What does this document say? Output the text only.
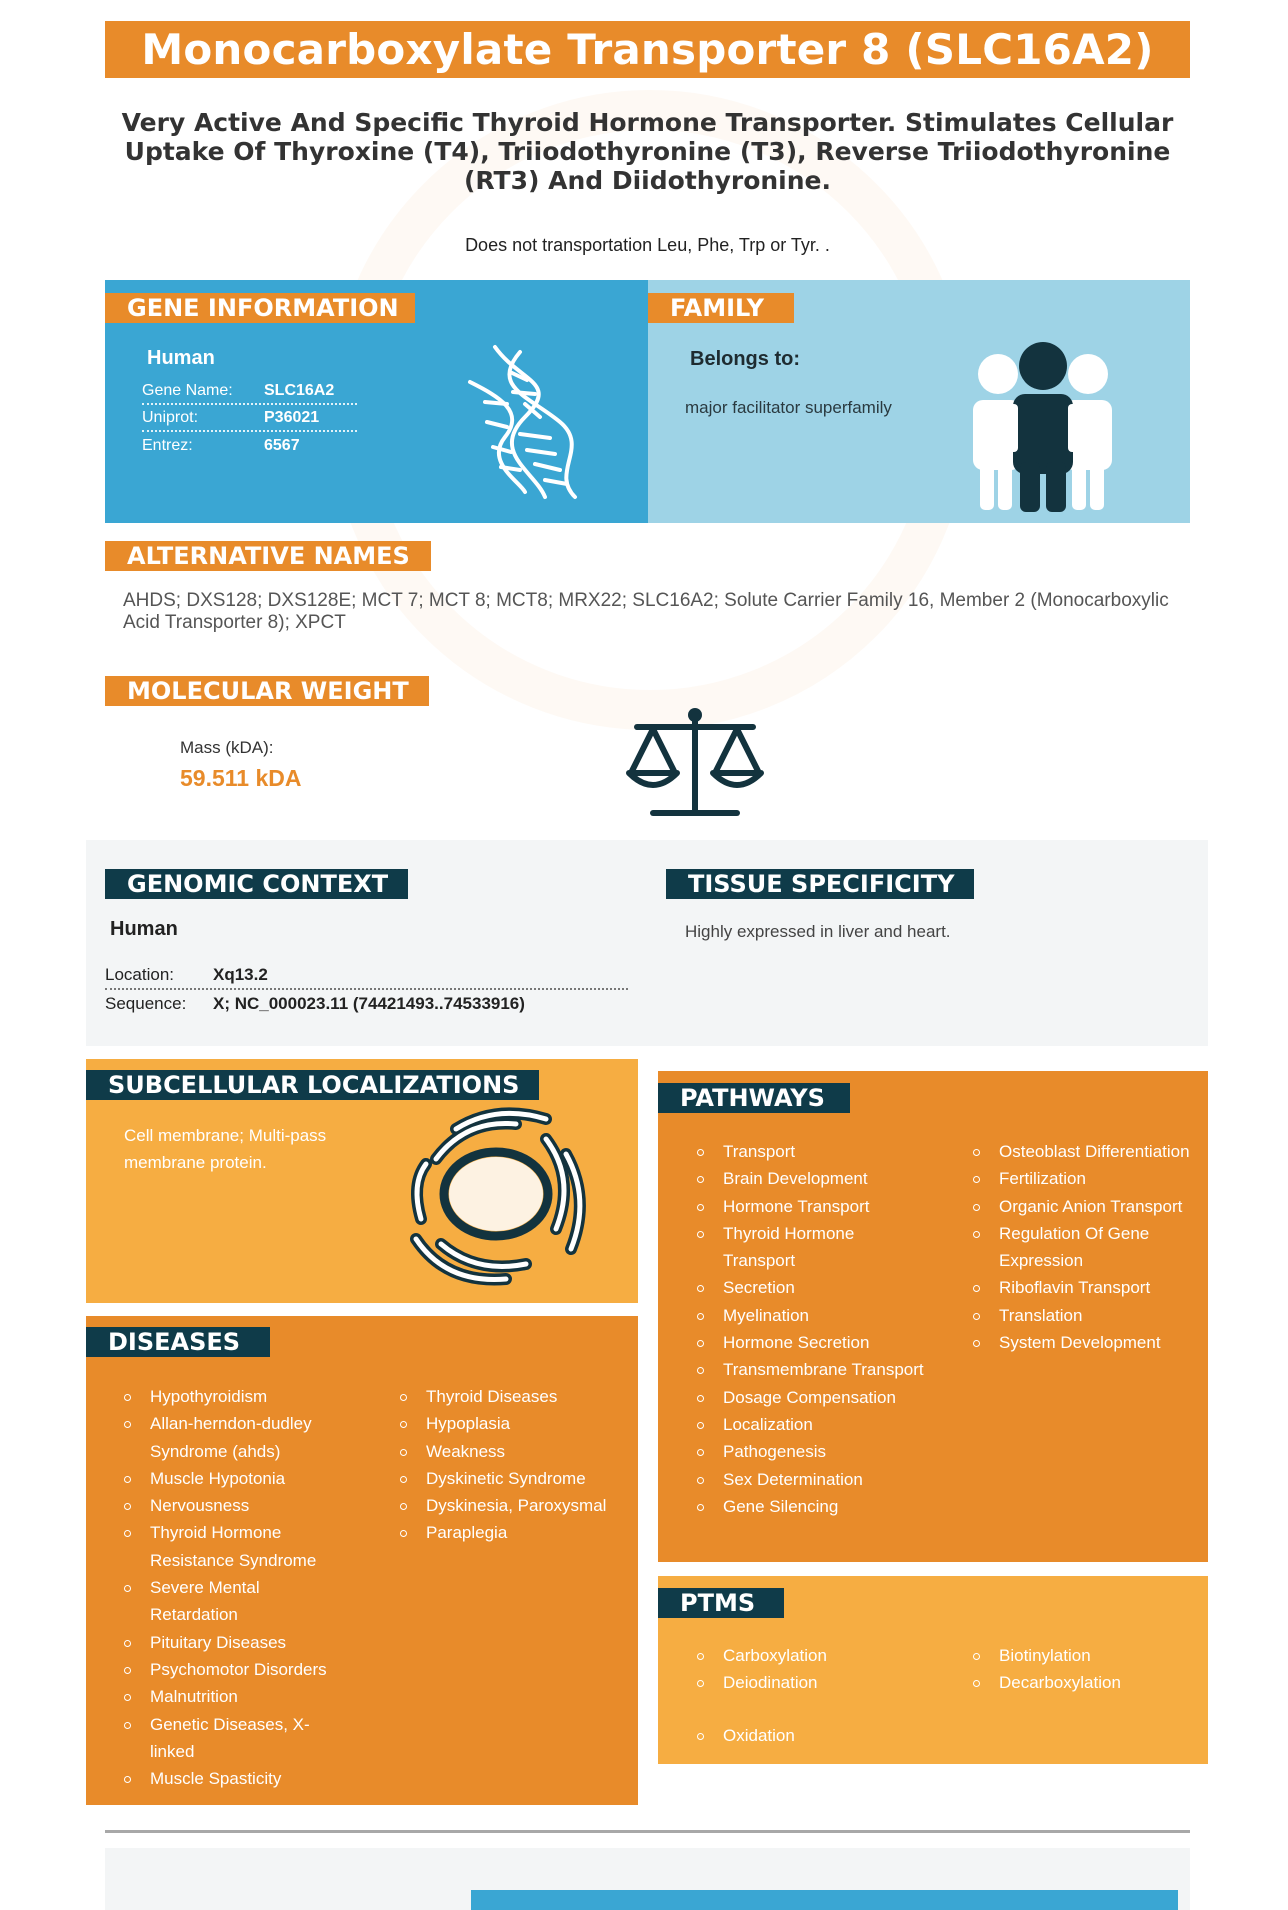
Monocarboxylate Transporter 8 (SLC16A2)
Very Active And Specific Thyroid Hormone Transporter. Stimulates Cellular Uptake Of Thyroxine (T4), Triiodothyronine (T3), Reverse Triiodothyronine (RT3) And Diidothyronine.
Does not transportation Leu, Phe, Trp or Tyr. .
GENE INFORMATION
Human
Gene Name:	SLC16A2
Uniprot:	P36021
Entrez:	6567
FAMILY
Belongs to:
major facilitator superfamily
ALTERNATIVE NAMES
AHDS; DXS128; DXS128E; MCT 7; MCT 8; MCT8; MRX22; SLC16A2; Solute Carrier Family 16, Member 2 (Monocarboxylic Acid Transporter 8); XPCT
MOLECULAR WEIGHT
Mass (kDA):
59.511 kDA
GENOMIC CONTEXT	TISSUE SPECIFICITY
Human
Location:	Xq13.2
Sequence:	X; NC_000023.11 (74421493..74533916)
Highly expressed in liver and heart.
SUBCELLULAR LOCALIZATIONS
Cell membrane; Multi-pass membrane protein.
DISEASES
Hypothyroidism
Allan-herndon-dudley Syndrome (ahds)
Muscle Hypotonia
Nervousness
Thyroid Hormone Resistance Syndrome
Severe Mental Retardation
Pituitary Diseases
Psychomotor Disorders
Malnutrition
Genetic Diseases, X-linked
Muscle Spasticity
Thyroid Diseases
Hypoplasia
Weakness
Dyskinetic Syndrome
Dyskinesia, Paroxysmal
Paraplegia
PATHWAYS
Transport
Brain Development
Hormone Transport
Thyroid Hormone Transport
Secretion
Myelination
Hormone Secretion
Transmembrane Transport
Dosage Compensation
Localization
Pathogenesis
Sex Determination
Gene Silencing
Osteoblast Differentiation
Fertilization
Organic Anion Transport
Regulation Of Gene Expression
Riboflavin Transport
Translation
System Development
PTMS
Carboxylation
Deiodination
Oxidation
Biotinylation
Decarboxylation
